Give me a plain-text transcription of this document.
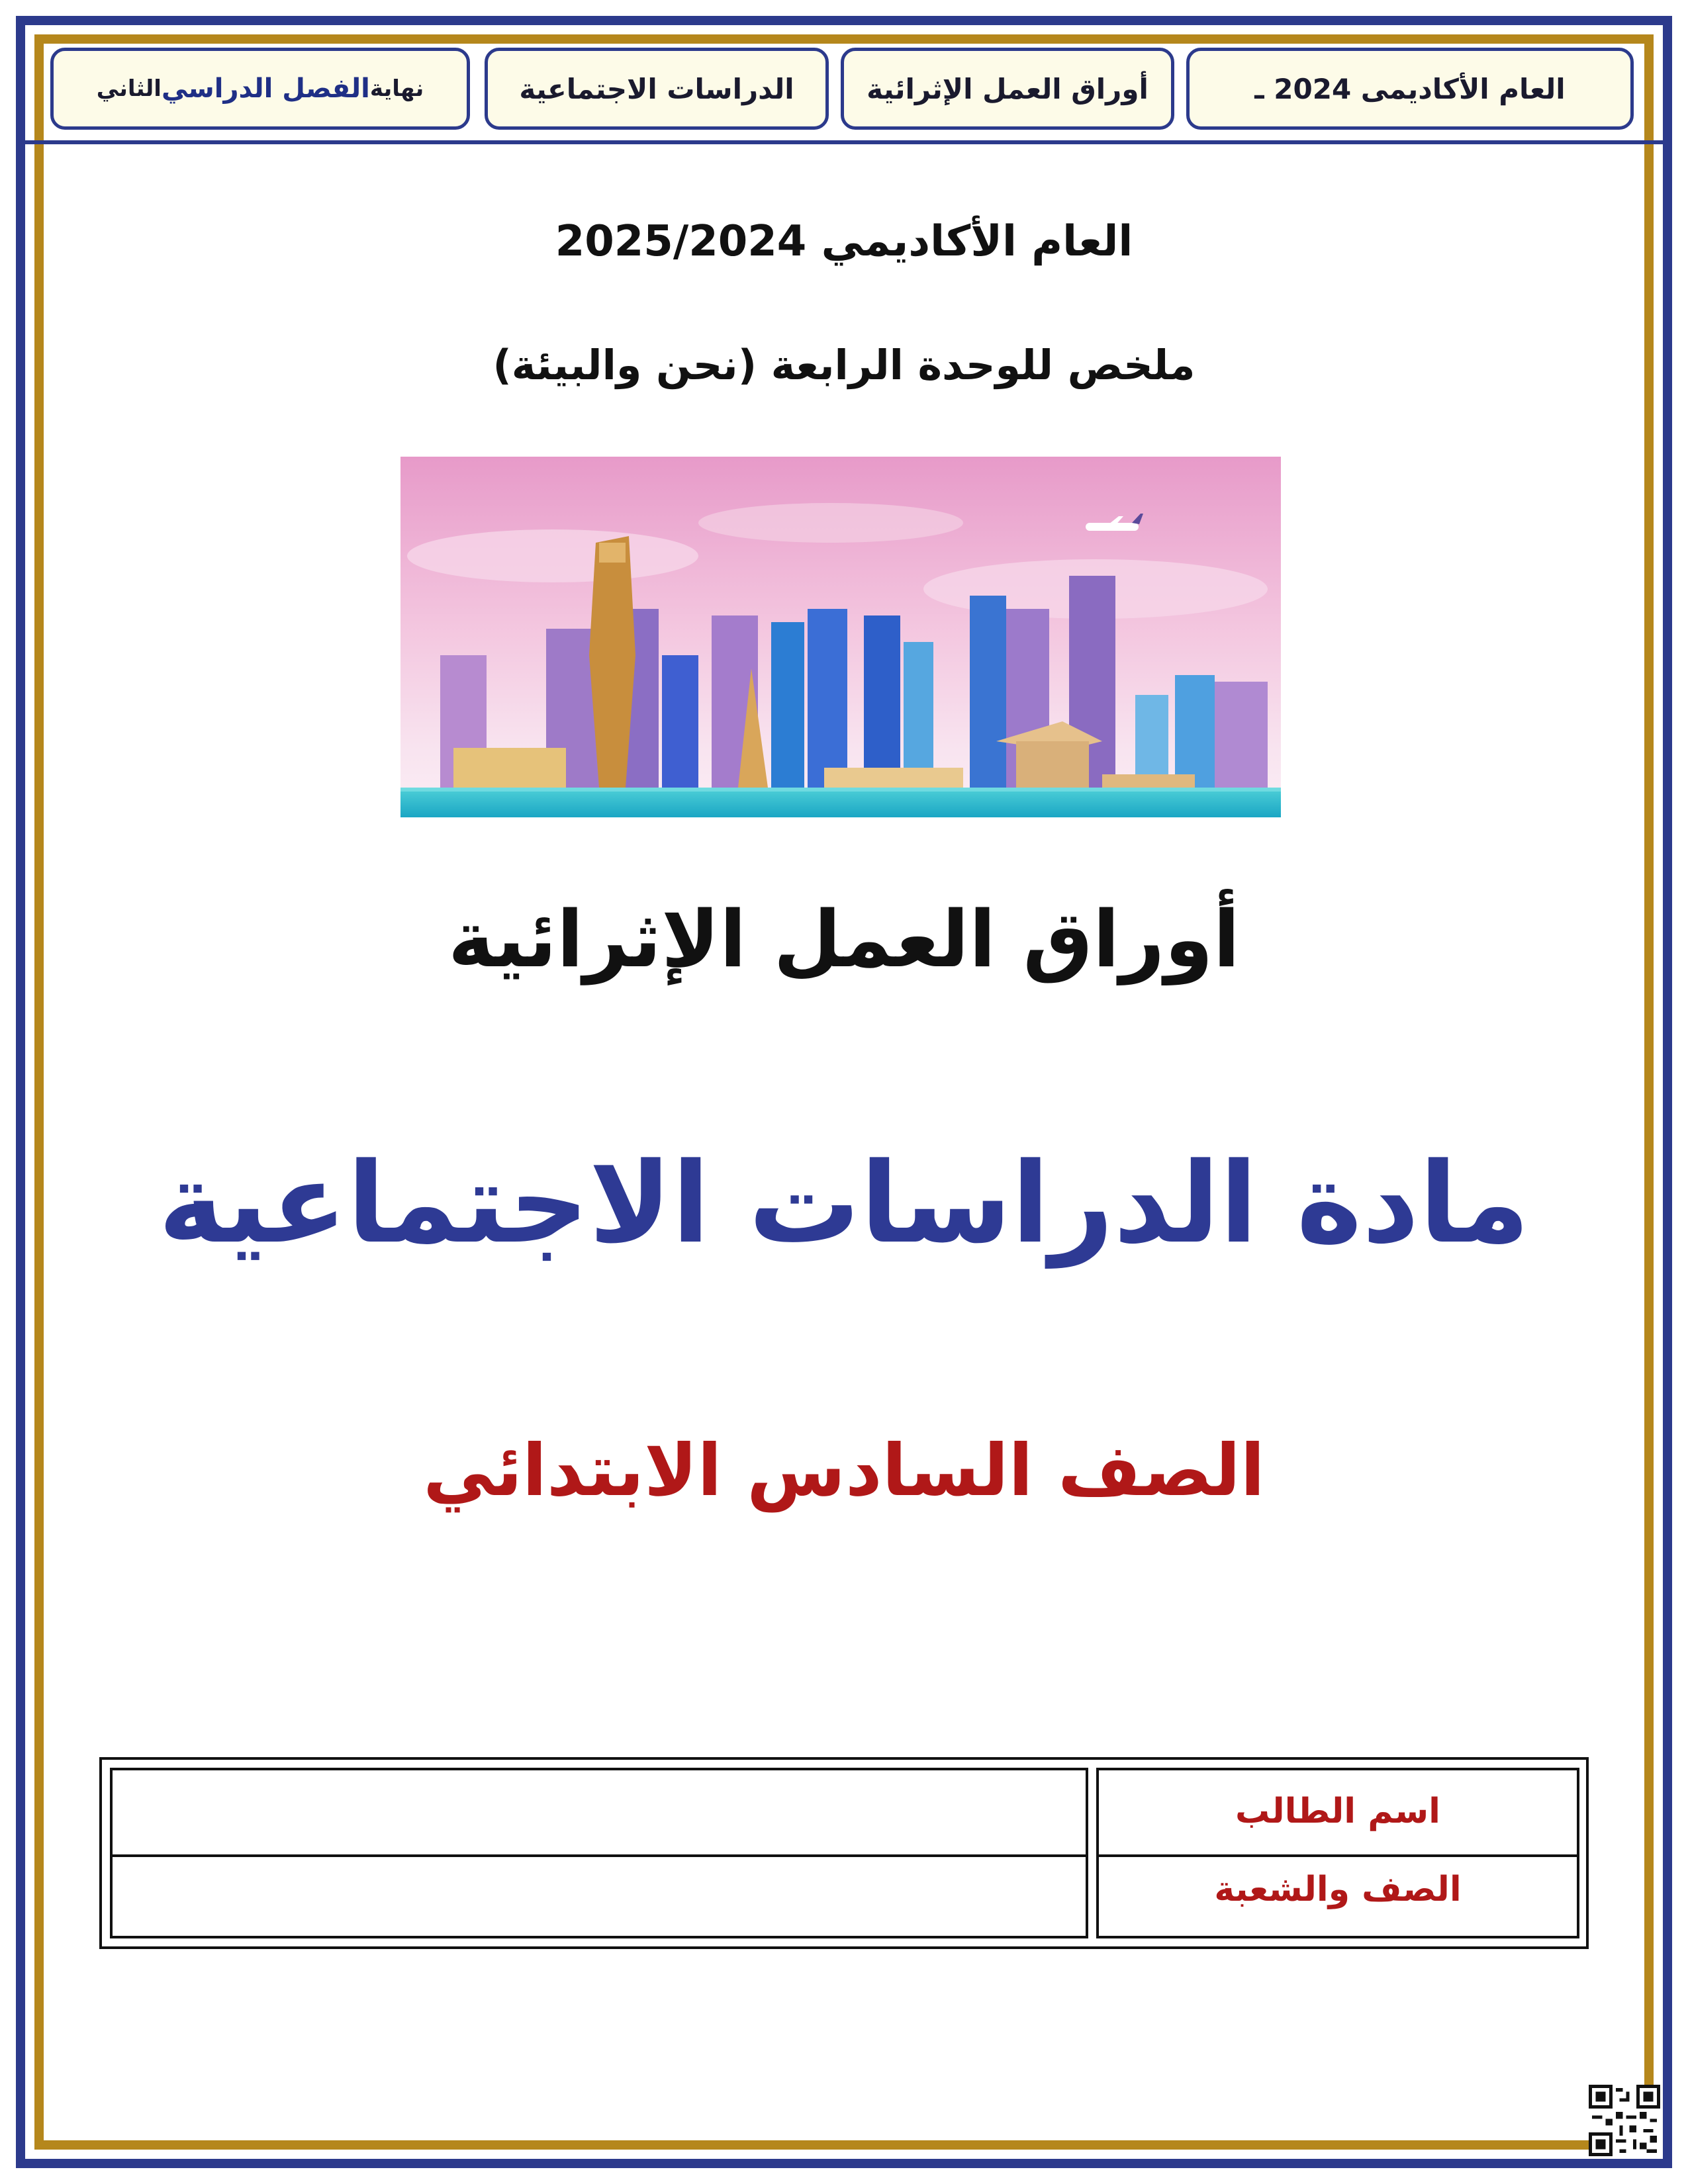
العام الأكاديمى 2024 ـ
أوراق العمل الإثرائية
الدراسات الاجتماعية
نهاية
الفصل الدراسي
الثاني
العام الأكاديمي 2025/2024
ملخص للوحدة الرابعة (نحن والبيئة)
أوراق العمل الإثرائية
مادة الدراسات الاجتماعية
الصف السادس الابتدائي
اسم الطالب
الصف والشعبة
